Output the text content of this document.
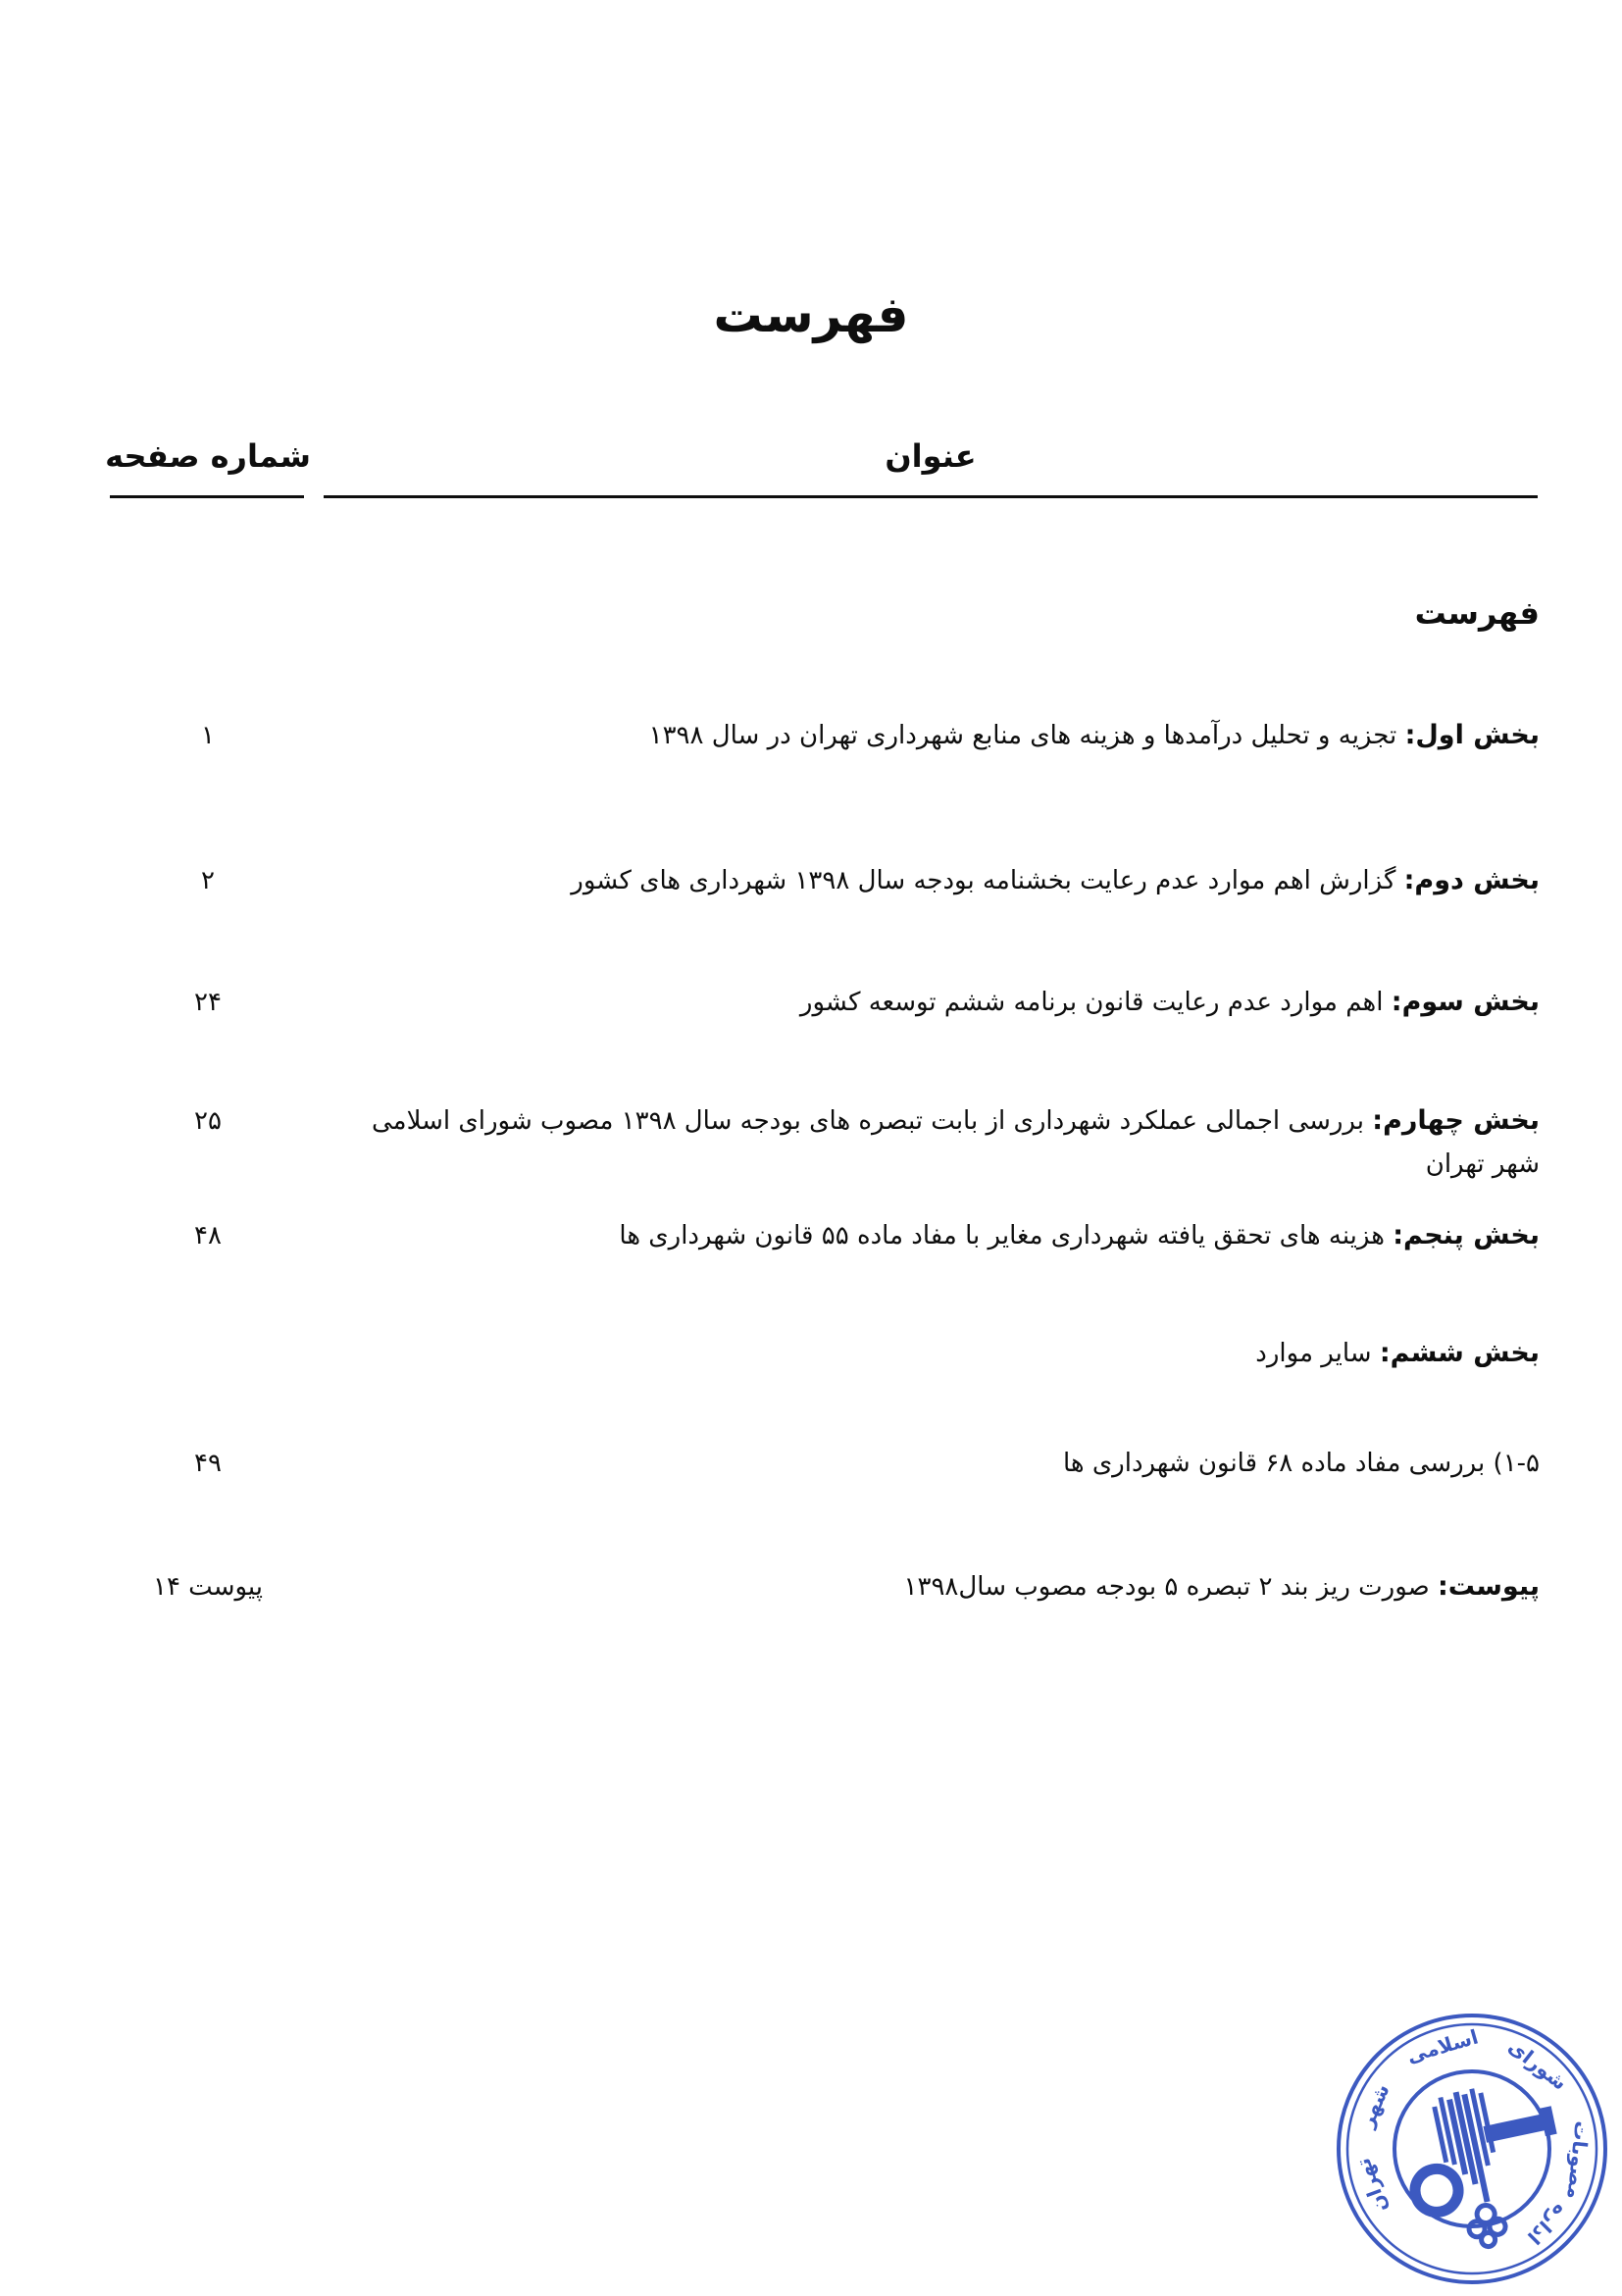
فهرست
شماره صفحه	عنوان
فهرست
بخش اول: تجزیه و تحلیل درآمدها و هزینه های منابع شهرداری تهران در سال ۱۳۹۸
۱
بخش دوم: گزارش اهم موارد عدم رعایت بخشنامه بودجه سال ۱۳۹۸ شهرداری های کشور
۲
بخش سوم: اهم موارد عدم رعایت قانون برنامه ششم توسعه کشور
۲۴
بخش چهارم: بررسی اجمالی عملکرد شهرداری از بابت تبصره های بودجه سال ۱۳۹۸ مصوب شورای اسلامی شهر تهران
۲۵
بخش پنجم: هزینه های تحقق یافته شهرداری مغایر با مفاد ماده ۵۵ قانون شهرداری ها
۴۸
بخش ششم: سایر موارد
۱-۵) بررسی مفاد ماده ۶۸ قانون شهرداری ها
۴۹
پیوست: صورت ریز بند ۲ تبصره ۵ بودجه مصوب سال۱۳۹۸
پیوست ۱۴
اداره
مصوبات
شورای
اسلامی
شهر
تهران
